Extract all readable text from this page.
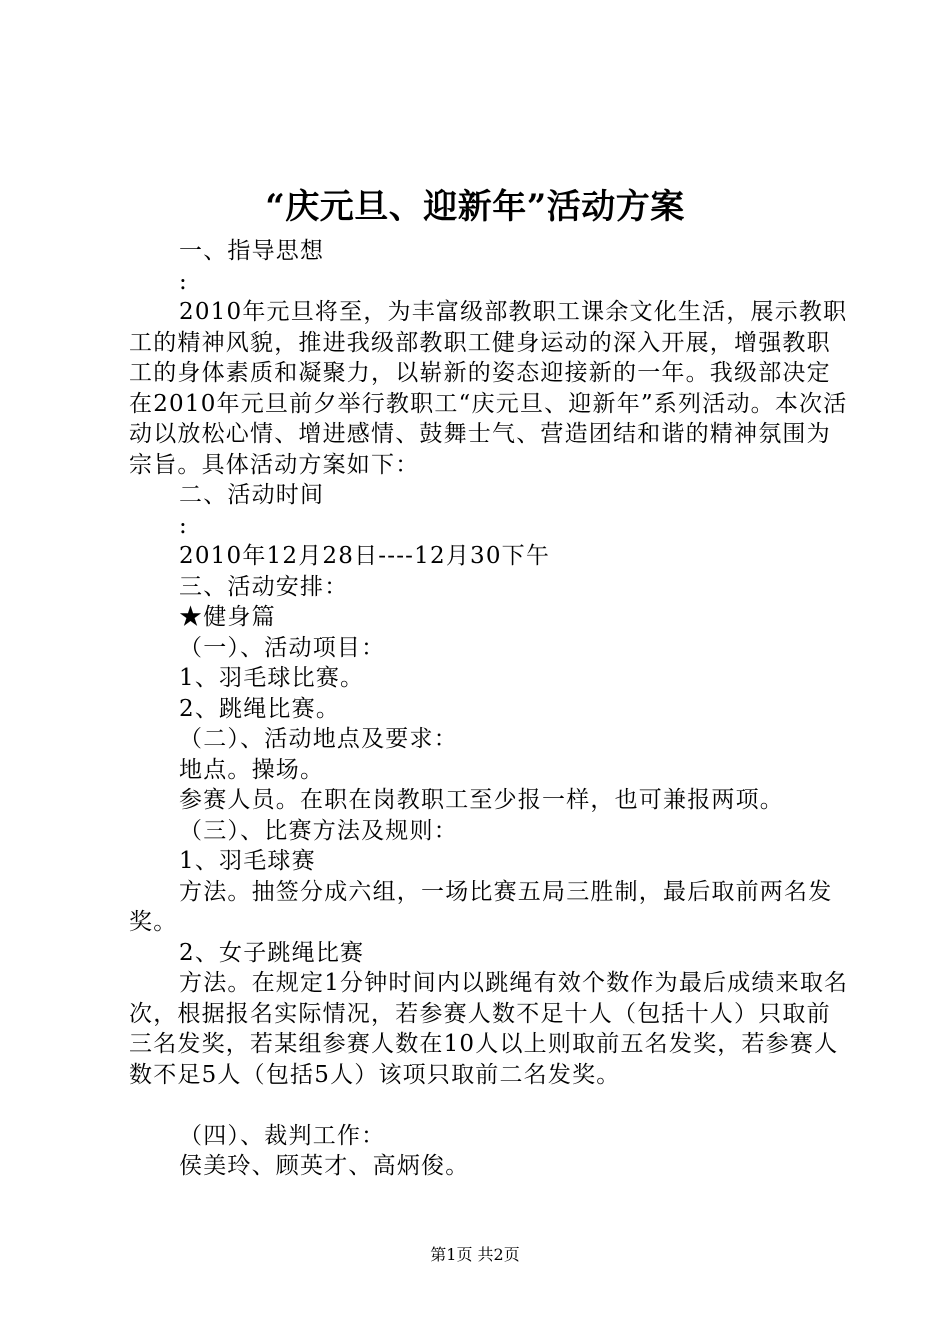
“庆元旦、迎新年”活动方案
一、指导思想
:
2010年元旦将至，为丰富级部教职工课余文化生活，展示教职工的精神风貌，推进我级部教职工健身运动的深入开展，增强教职工的身体素质和凝聚力，以崭新的姿态迎接新的一年。我级部决定在2010年元旦前夕举行教职工“庆元旦、迎新年”系列活动。本次活动以放松心情、增进感情、鼓舞士气、营造团结和谐的精神氛围为宗旨。具体活动方案如下：
二、活动时间
:
2010年12月28日----12月30下午
三、活动安排：
★健身篇
（一）、活动项目：
1、羽毛球比赛。
2、跳绳比赛。
（二）、活动地点及要求：
地点。操场。
参赛人员。在职在岗教职工至少报一样，也可兼报两项。
（三）、比赛方法及规则：
1、羽毛球赛
方法。抽签分成六组，一场比赛五局三胜制，最后取前两名发奖。
2、女子跳绳比赛
方法。在规定1分钟时间内以跳绳有效个数作为最后成绩来取名次，根据报名实际情况，若参赛人数不足十人（包括十人）只取前三名发奖，若某组参赛人数在10人以上则取前五名发奖，若参赛人数不足5人（包括5人）该项只取前二名发奖。
（四）、裁判工作：
侯美玲、顾英才、高炳俊。
第1页 共2页
